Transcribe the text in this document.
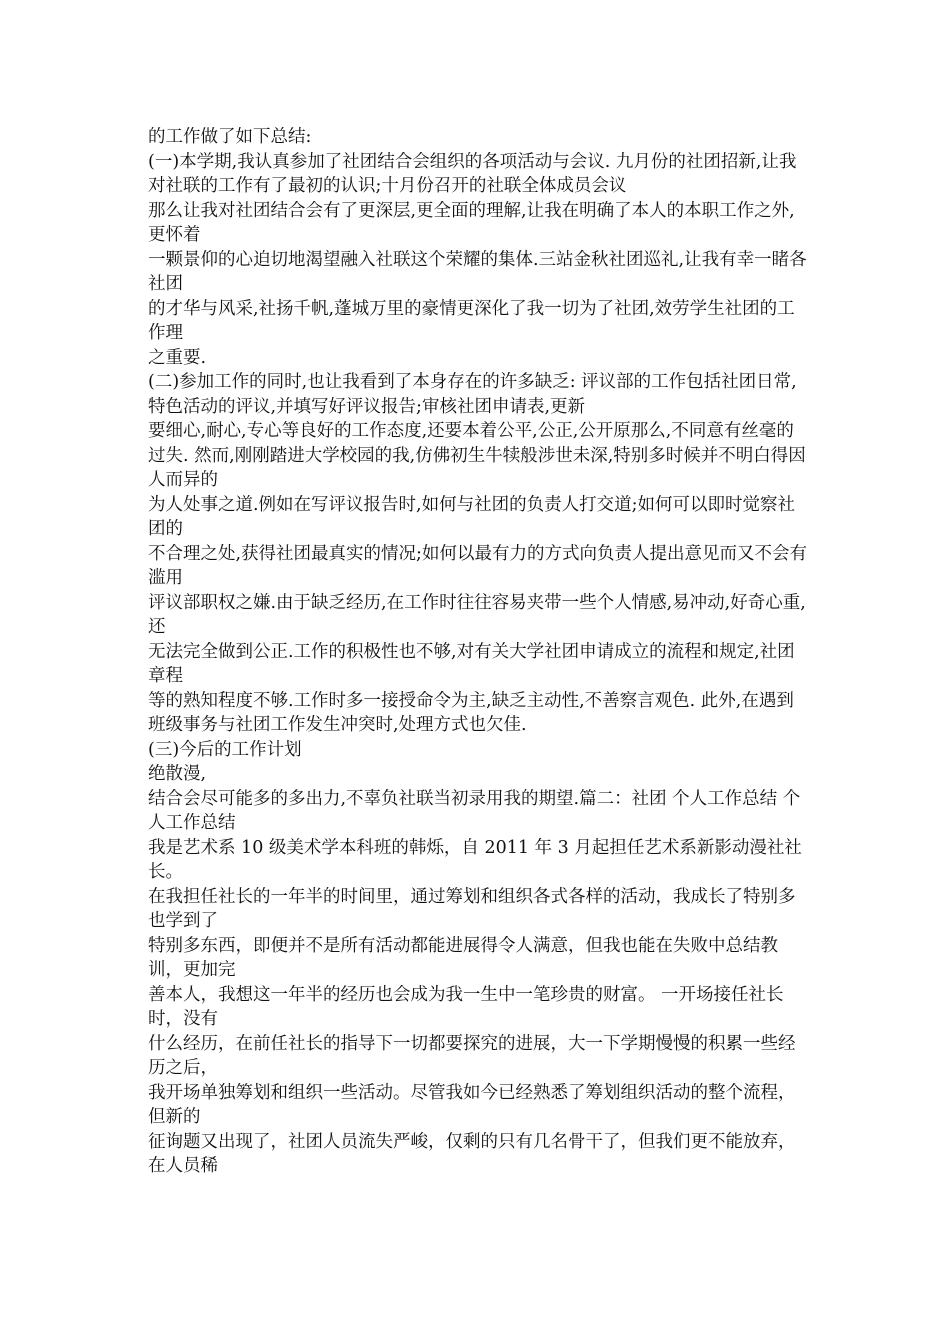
的工作做了如下总结:

(一)本学期,我认真参加了社团结合会组织的各项活动与会议. 九月份的社团招新,让我对社联的工作有了最初的认识;十月份召开的社联全体成员会议

那么让我对社团结合会有了更深层,更全面的理解,让我在明确了本人的本职工作之外,更怀着

一颗景仰的心迫切地渴望融入社联这个荣耀的集体.三站金秋社团巡礼,让我有幸一睹各社团

的才华与风采,社扬千帆,蓬城万里的豪情更深化了我一切为了社团,效劳学生社团的工作理

之重要.

(二)参加工作的同时,也让我看到了本身存在的许多缺乏: 评议部的工作包括社团日常,特色活动的评议,并填写好评议报告;审核社团申请表,更新

要细心,耐心,专心等良好的工作态度,还要本着公平,公正,公开原那么,不同意有丝毫的过失. 然而,刚刚踏进大学校园的我,仿佛初生牛犊般涉世未深,特别多时候并不明白得因人而异的

为人处事之道.例如在写评议报告时,如何与社团的负责人打交道;如何可以即时觉察社团的

不合理之处,获得社团最真实的情况;如何以最有力的方式向负责人提出意见而又不会有滥用

评议部职权之嫌.由于缺乏经历,在工作时往往容易夹带一些个人情感,易冲动,好奇心重,还

无法完全做到公正.工作的积极性也不够,对有关大学社团申请成立的流程和规定,社团章程

等的熟知程度不够.工作时多一接授命令为主,缺乏主动性,不善察言观色. 此外,在遇到班级事务与社团工作发生冲突时,处理方式也欠佳.

(三)今后的工作计划

绝散漫,

结合会尽可能多的多出力,不辜负社联当初录用我的期望.篇二：社团 个人工作总结 个人工作总结

我是艺术系 10 级美术学本科班的韩烁，自 2011 年 3 月起担任艺术系新影动漫社社长。

在我担任社长的一年半的时间里，通过筹划和组织各式各样的活动，我成长了特别多也学到了

特别多东西，即便并不是所有活动都能进展得令人满意，但我也能在失败中总结教训，更加完

善本人，我想这一年半的经历也会成为我一生中一笔珍贵的财富。 一开场接任社长时，没有

什么经历，在前任社长的指导下一切都要探究的进展，大一下学期慢慢的积累一些经历之后，

我开场单独筹划和组织一些活动。尽管我如今已经熟悉了筹划组织活动的整个流程，但新的

征询题又出现了，社团人员流失严峻，仅剩的只有几名骨干了，但我们更不能放弃，在人员稀
